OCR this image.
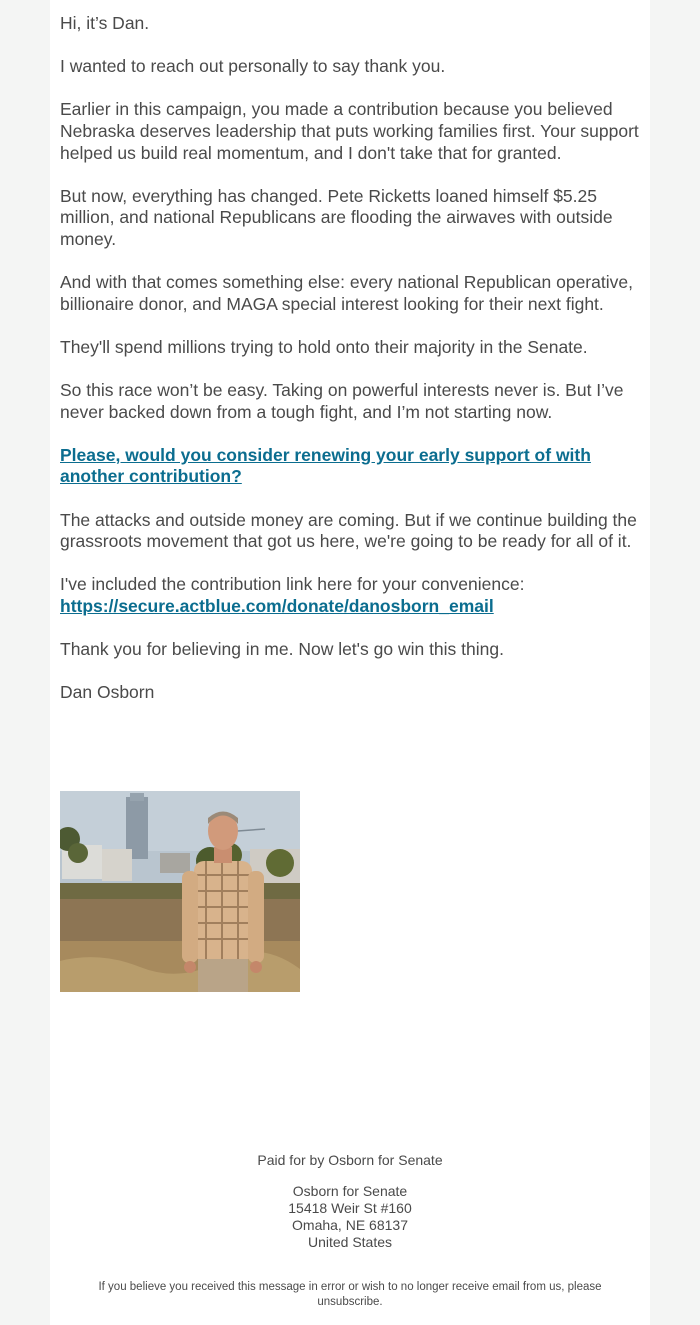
Hi, it’s Dan.

I wanted to reach out personally to say thank you.

Earlier in this campaign, you made a contribution because you believed Nebraska deserves leadership that puts working families first. Your support helped us build real momentum, and I don't take that for granted.

But now, everything has changed. Pete Ricketts loaned himself $5.25 million, and national Republicans are flooding the airwaves with outside money.

And with that comes something else: every national Republican operative, billionaire donor, and MAGA special interest looking for their next fight.

They'll spend millions trying to hold onto their majority in the Senate.

So this race won’t be easy. Taking on powerful interests never is. But I’ve never backed down from a tough fight, and I’m not starting now.

Please, would you consider renewing your early support of with another contribution?

The attacks and outside money are coming. But if we continue building the grassroots movement that got us here, we're going to be ready for all of it.

I've included the contribution link here for your convenience:
https://secure.actblue.com/donate/danosborn_email

Thank you for believing in me. Now let's go win this thing.

Dan Osborn

Paid for by Osborn for Senate
Osborn for Senate
15418 Weir St #160
Omaha, NE 68137
United States
If you believe you received this message in error or wish to no longer receive email from us, please unsubscribe.
